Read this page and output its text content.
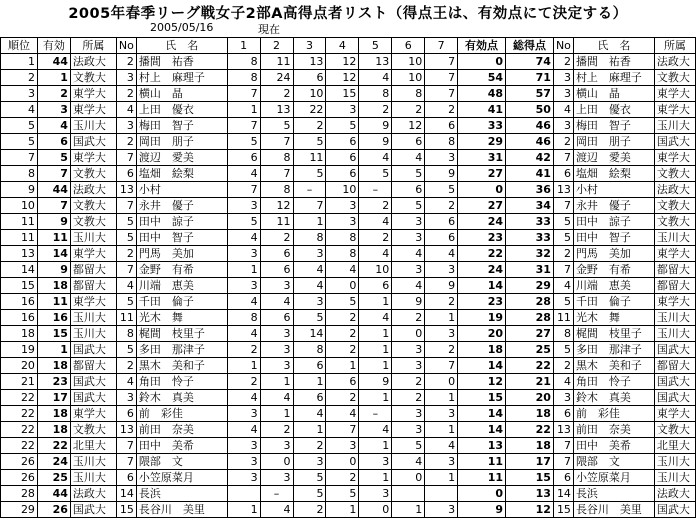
2005年春季リーグ戦女子2部A高得点者リスト（得点王は、有効点にて決定する）
2005/05/16	現在
順位	有効	所属	No	氏　名	1	2	3	4	5	6	7	有効点	総得点	No	氏　名	所属
1	44	法政大	2	播間　祐香	8	11	13	12	13	10	7	0	74	2	播間　祐香	法政大
2	1	文教大	3	村上　麻理子	8	24	6	12	4	10	7	54	71	3	村上　麻理子	文教大
3	2	東学大	2	横山　晶	7	2	10	15	8	8	7	48	57	3	横山　晶	東学大
4	3	東学大	4	上田　優衣	1	13	22	3	2	2	2	41	50	4	上田　優衣	東学大
5	4	玉川大	3	梅田　智子	7	5	2	5	9	12	6	33	46	3	梅田　智子	玉川大
5	6	国武大	2	岡田　朋子	5	7	5	6	9	6	8	29	46	2	岡田　朋子	国武大
7	5	東学大	7	渡辺　愛美	6	8	11	6	4	4	3	31	42	7	渡辺　愛美	東学大
8	7	文教大	6	塩畑　絵梨	4	7	5	6	5	5	9	27	41	6	塩畑　絵梨	文教大
9	44	法政大	13	小村	7	8	–	10	–	6	5	0	36	13	小村	法政大
10	7	文教大	7	永井　優子	3	12	7	3	2	5	2	27	34	7	永井　優子	文教大
11	9	文教大	5	田中　諒子	5	11	1	3	4	3	6	24	33	5	田中　諒子	文教大
11	11	玉川大	5	田中　智子	4	2	8	8	2	3	6	23	33	5	田中　智子	玉川大
13	14	東学大	2	門馬　美加	3	6	3	8	4	4	4	22	32	2	門馬　美加	東学大
14	9	都留大	7	金野　有希	1	6	4	4	10	3	3	24	31	7	金野　有希	都留大
15	18	都留大	4	川端　恵美	3	3	4	0	6	4	9	14	29	4	川端　恵美	都留大
16	11	東学大	5	千田　倫子	4	4	3	5	1	9	2	23	28	5	千田　倫子	東学大
16	16	玉川大	11	光木　舞	8	6	5	2	4	2	1	19	28	11	光木　舞	玉川大
18	15	玉川大	8	梶間　枝里子	4	3	14	2	1	0	3	20	27	8	梶間　枝里子	玉川大
19	1	国武大	5	多田　那津子	2	3	8	2	1	3	2	18	25	5	多田　那津子	国武大
20	18	都留大	2	黒木　美和子	1	3	6	1	1	3	7	14	22	2	黒木　美和子	都留大
21	23	国武大	4	角田　怜子	2	1	1	6	9	2	0	12	21	4	角田　怜子	国武大
22	17	国武大	3	鈴木　真美	4	4	6	2	1	2	1	15	20	3	鈴木　真美	国武大
22	18	東学大	6	前　彩佳	3	1	4	4	–	3	3	14	18	6	前　彩佳	東学大
22	18	文教大	13	前田　奈美	4	2	1	7	4	3	1	14	22	13	前田　奈美	文教大
22	22	北里大	7	田中　美希	3	3	2	3	1	5	4	13	18	7	田中　美希	北里大
26	24	玉川大	7	隈部　文	3	0	3	0	3	4	3	11	17	7	隈部　文	玉川大
26	25	玉川大	6	小笠原菜月	3	3	5	2	1	0	1	11	15	6	小笠原菜月	玉川大
28	44	法政大	14	長浜		–	5	5	3			0	13	14	長浜	法政大
29	26	国武大	15	長谷川　美里	1	4	2	1	0	1	3	9	12	15	長谷川　美里	国武大
